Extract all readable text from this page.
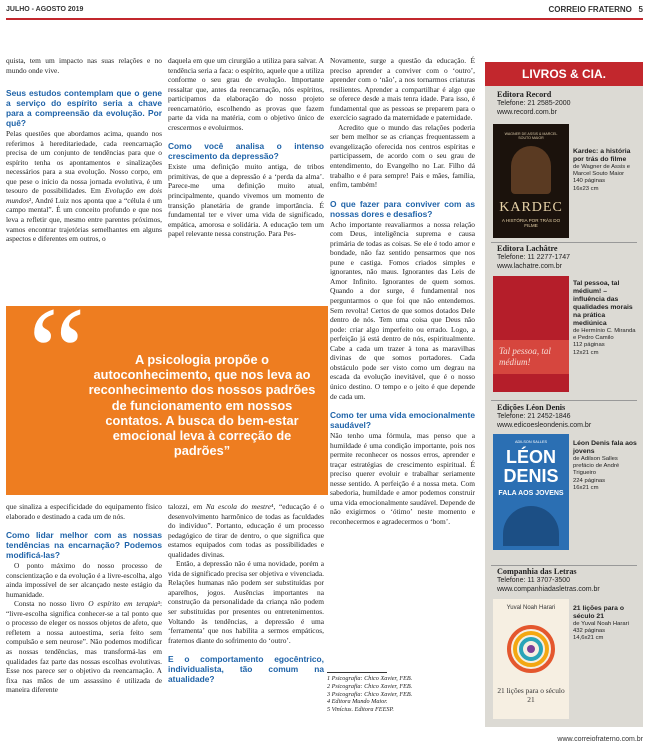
JULHO - AGOSTO 2019	CORREIO FRATERNO 5

quista, tem um impacto nas suas relações e no mundo onde vive.

Seus estudos contemplam que o gene a serviço do espírito seria a chave para a compreensão da evolução. Por quê?

Pelas questões que abordamos acima, quando nos referimos à hereditariedade, cada reencarnação precisa de um conjunto de tendências para que o espírito tenha os apontamentos e sinalizações necessários para a sua evolução. Nosso corpo, em que pese o início da nossa jornada evolutiva, é um tesouro de possibilidades. Em Evolução em dois mundos², André Luiz nos aponta que a “célula é um campo mental”. É um conceito profundo e que nos leva a refletir que, mesmo entre parentes próximos, vamos encontrar trajetórias semelhantes em alguns aspectos e diferentes em outros, o

daquela em que um cirurgião a utiliza para salvar. A tendência seria a faca: o espírito, aquele que a utiliza conforme o seu grau de evolução. Importante ressaltar que, antes da reencarnação, nós espíritos, participamos da elaboração do nosso projeto reencarnatório, escolhendo as provas que fazem parte da vida na matéria, com o objetivo único de crescermos e evoluirmos.

Como você analisa o intenso crescimento da depressão?

Existe uma definição muito antiga, de tribos primitivas, de que a depressão é a ‘perda da alma’. Parece-me uma definição muito atual, principalmente, quando vivemos um momento de transição planetária de grande importância. É fundamental ter e viver uma vida de significado, empática, amorosa e solidária. A educação tem um papel relevante nessa construção. Para Pes-

“	A psicologia propõe o autoconhecimento, que nos leva ao reconhecimento dos nossos padrões de funcionamento em nossos contatos. A busca do bem-estar emocional leva à correção de padrões”

que sinaliza a especificidade do equipamento físico elaborado e destinado a cada um de nós.

Como lidar melhor com as nossas tendências na encarnação? Podemos modificá-las?

O ponto máximo do nosso processo de conscientização e da evolução é a livre-escolha, algo ainda impossível de ser alcançado neste estágio da humanidade.

Consta no nosso livro O espírito em terapia³: “livre-escolha significa conhecer-se a tal ponto que o processo de eleger os nossos objetos de afeto, que refletem a nossa autoestima, seria feito sem compulsão e sem neurose”. Não podemos modificar as nossas tendências, mas transformá-las em qualidades faz parte das nossas escolhas evolutivas. Esse nos parece ser o objetivo da reencarnação. A fixa nas mãos de um assassino é utilizada de maneira diferente

talozzi, em Na escola do mestre⁴, “educação é o desenvolvimento harmônico de todas as faculdades do indivíduo”. Portanto, educação é um processo pedagógico de tirar de dentro, o que significa que estamos equipados com todas as possibilidades e qualidades divinas.

Então, a depressão não é uma novidade, porém a vida de significado precisa ser objetiva e vivenciada. Relações humanas não podem ser substituídas por aparelhos, jogos. Ausências importantes na construção da personalidade da criança não podem ser substituídas por presentes ou entretenimentos. Voltando às tendências, a depressão é uma ‘ferramenta’ que nos habilita a sermos empáticos, fraternos diante do sofrimento do ‘outro’.

E o comportamento egocêntrico, individualista, tão comum na atualidade?

Novamente, surge a questão da educação. É preciso aprender a conviver com o ‘outro’, aprender com o ‘não’, a nos tornarmos criaturas resilientes. Aprender a compartilhar é algo que se oferece desde a mais tenra idade. Para isso, é fundamental que as pessoas se preparem para o exercício sagrado da maternidade e paternidade.

Acredito que o mundo das relações poderia ser bem melhor se as crianças frequentassem a evangelização oferecida nos centros espíritas e participassem, de acordo com o seu grau de entendimento, do Evangelho no Lar. Filho dá trabalho e é para sempre! Pais e mães, família, enfim, também!

O que fazer para conviver com as nossas dores e desafios?

Acho importante reavaliarmos a nossa relação com Deus, inteligência suprema e causa primária de todas as coisas. Se ele é todo amor e bondade, não faz sentido pensarmos que nos pune e castiga. Fomos criados simples e ignorantes, não maus. Ignorantes das Leis de Amor Infinito. Ignorantes de quem somos. Quando a dor surge, é fundamental nos perguntarmos o que foi que não entendemos. Sem revolta! Certos de que somos dotados Dele dentro de nós. Tem uma coisa que Deus não pode: criar algo imperfeito ou errado. Logo, a perfeição já está dentro de nós, espiritualmente. Cabe a cada um trazer à tona as maravilhas divinas de que somos portadores. Cada obstáculo pode ser visto como um degrau na escada da evolução inevitável, que é o nosso único destino. O tempo e o jeito é que depende de cada um.

Como ter uma vida emocionalmente saudável?

Não tenho uma fórmula, mas penso que a humildade é uma condição importante, pois nos permite reconhecer os nossos erros, aprender e traçar estratégias de crescimento espiritual. É preciso querer evoluir e trabalhar seriamente nesse sentido. A perfeição é a nossa meta. Com sabedoria, humildade e amor podemos construir uma vida emocionalmente saudável. Depende de não exigirmos o ‘ótimo’ neste momento e reconhecermos e agradecermos o ‘bom’.

1 Psicografia: Chico Xavier, FEB.
2 Psicografia: Chico Xavier, FEB.
3 Psicografia: Chico Xavier, FEB.
4 Editora Mundo Maior.
5 Vinícius. Editora FEESP.
LIVROS & CIA.
Editora Record
Telefone: 21 2585-2000
www.record.com.br
WAGNER DE ASSIS & MARCEL SOUTO MAIOR
KARDEC
A HISTÓRIA POR TRÁS DO FILME
Kardec: a história por trás do filme
de Wagner de Assis e Marcel Souto Maior
140 páginas
16x23 cm
Editora Lachâtre
Telefone: 11 2277-1747
www.lachatre.com.br
Tal pessoa, tal médium!
Tal pessoa, tal médium! – influência das qualidades morais na prática mediúnica
de Hermínio C. Miranda e Pedro Camilo
112 páginas
12x21 cm
Edições Léon Denis
Telefone: 21 2452-1846
www.edicoesleondenis.com.br
ADILSON SALLES
LÉON DENIS
FALA AOS JOVENS
Léon Denis fala aos jovens
de Adilson Salles prefácio de André Trigueiro
224 páginas
16x21 cm
Companhia das Letras
Telefone: 11 3707-3500
www.companhiadasletras.com.br
Yuval Noah Harari
21 lições para o século 21
21 lições para o século 21
de Yuval Noah Harari
432 páginas
14,6x21 cm
www.correiofraterno.com.br
